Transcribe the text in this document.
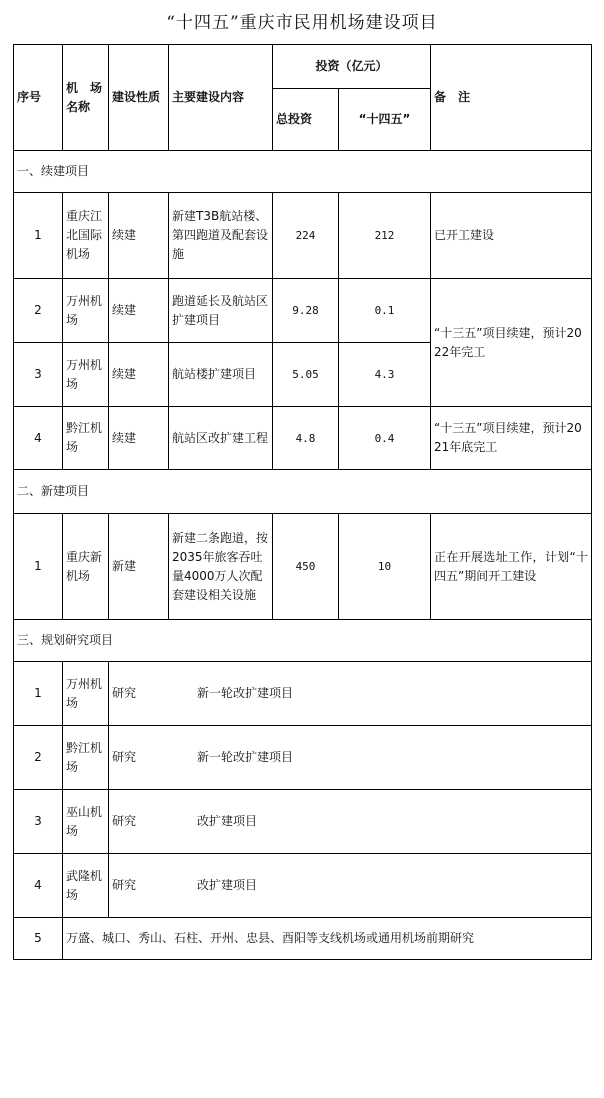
“十四五”重庆市民用机场建设项目
序号	机　场名称	建设性质	主要建设内容	投资（亿元）		备　注
				总投资	“十四五”	
一、续建项目						
1	重庆江北国际机场	续建	新建T3B航站楼、第四跑道及配套设施	224	212	已开工建设
2	万州机场	续建	跑道延长及航站区扩建项目	9.28	0.1	“十三五”项目续建，预计2022年完工
3	万州机场	续建	航站楼扩建项目	5.05	4.3	
4	黔江机场	续建	航站区改扩建工程	4.8	0.4	“十三五”项目续建，预计2021年底完工
二、新建项目						
1	重庆新机场	新建	新建二条跑道，按2035年旅客吞吐量4000万人次配套建设相关设施	450	10	正在开展选址工作，计划“十四五”期间开工建设
三、规划研究项目						
1	万州机场	研究 新一轮改扩建项目				
2	黔江机场	研究 新一轮改扩建项目				
3	巫山机场	研究 改扩建项目				
4	武隆机场	研究 改扩建项目				
5	万盛、城口、秀山、石柱、开州、忠县、酉阳等支线机场或通用机场前期研究					
